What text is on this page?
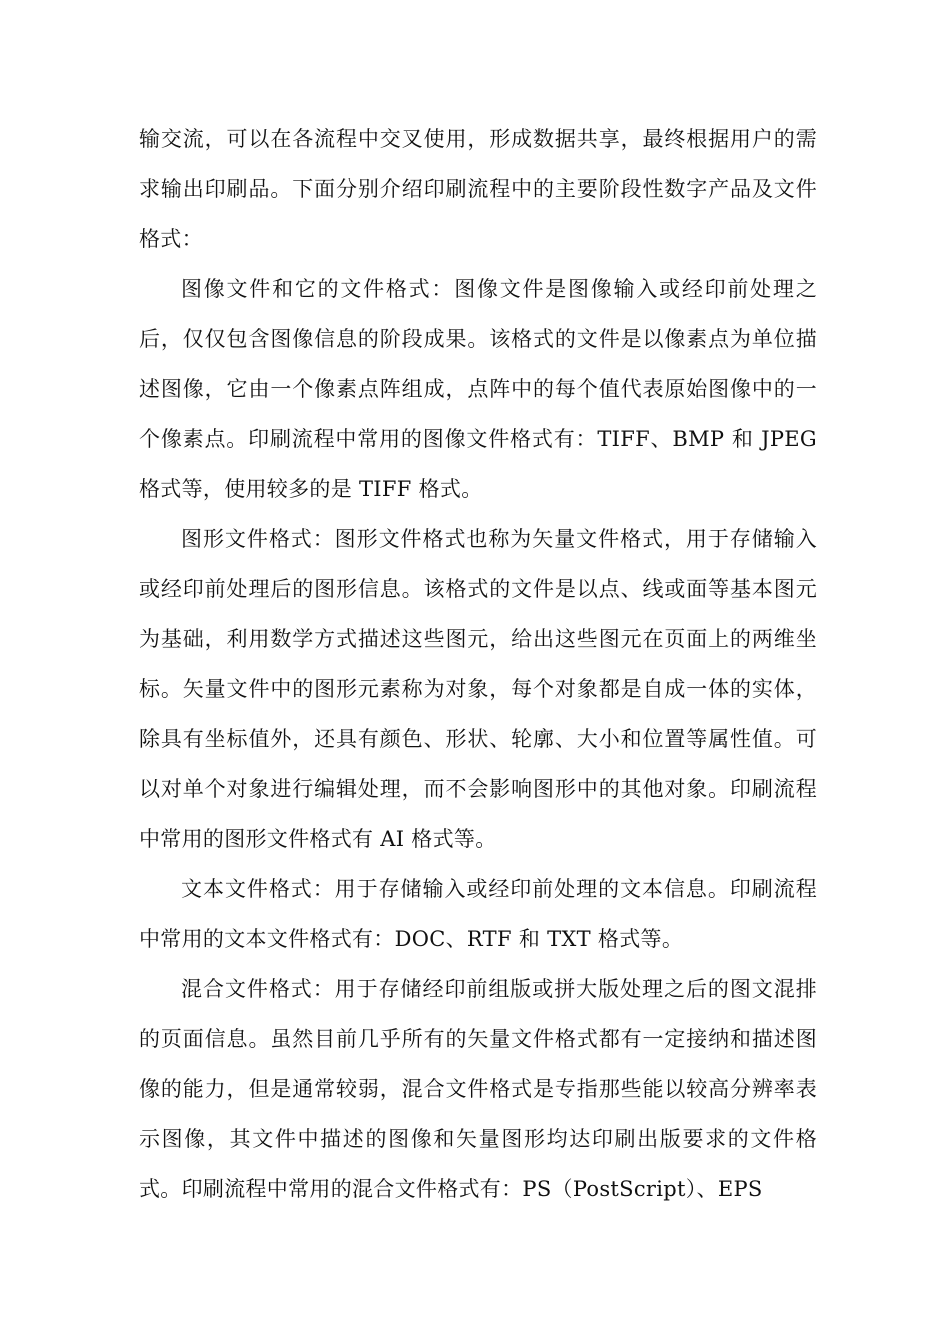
输交流，可以在各流程中交叉使用，形成数据共享，最终根据用户的需求输出印刷品。下面分别介绍印刷流程中的主要阶段性数字产品及文件格式：

图像文件和它的文件格式：图像文件是图像输入或经印前处理之后，仅仅包含图像信息的阶段成果。该格式的文件是以像素点为单位描述图像，它由一个像素点阵组成，点阵中的每个值代表原始图像中的一个像素点。印刷流程中常用的图像文件格式有：TIFF、BMP 和 JPEG 格式等，使用较多的是 TIFF 格式。

图形文件格式：图形文件格式也称为矢量文件格式，用于存储输入或经印前处理后的图形信息。该格式的文件是以点、线或面等基本图元为基础，利用数学方式描述这些图元，给出这些图元在页面上的两维坐标。矢量文件中的图形元素称为对象，每个对象都是自成一体的实体，除具有坐标值外，还具有颜色、形状、轮廓、大小和位置等属性值。可以对单个对象进行编辑处理，而不会影响图形中的其他对象。印刷流程中常用的图形文件格式有 AI 格式等。

文本文件格式：用于存储输入或经印前处理的文本信息。印刷流程中常用的文本文件格式有：DOC、RTF 和 TXT 格式等。

混合文件格式：用于存储经印前组版或拼大版处理之后的图文混排的页面信息。虽然目前几乎所有的矢量文件格式都有一定接纳和描述图像的能力，但是通常较弱，混合文件格式是专指那些能以较高分辨率表示图像，其文件中描述的图像和矢量图形均达印刷出版要求的文件格式。印刷流程中常用的混合文件格式有：PS（PostScript）、EPS
